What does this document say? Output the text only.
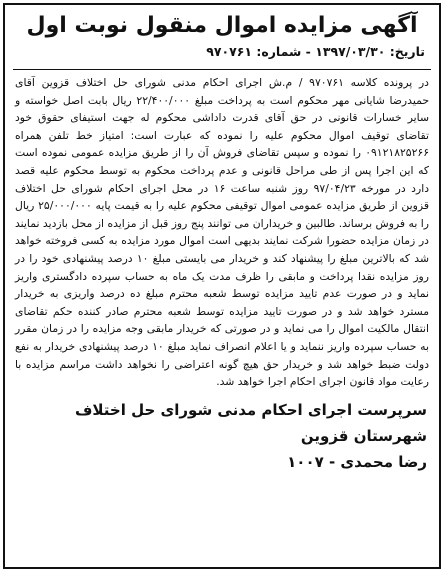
آگهی مزایده اموال منقول نوبت اول
تاریخ: ۱۳۹۷/۰۳/۳۰ - شماره: ۹۷۰۷۶۱

در پرونده کلاسه ۹۷۰۷۶۱ / م.ش اجرای احکام مدنی شورای حل اختلاف قزوین آقای حمیدرضا شایانی مهر محکوم است به پرداخت مبلغ ۲۲/۴۰۰/۰۰۰ ریال بابت اصل خواسته و سایر خسارات قانونی در حق آقای قدرت داداشی محکوم له جهت استیفای حقوق خود تقاضای توقیف اموال محکوم علیه را نموده که عبارت است: امتیاز خط تلفن همراه ۰۹۱۲۱۸۲۵۲۶۶ را نموده و سپس تقاضای فروش آن را از طریق مزایده عمومی نموده است که این اجرا پس از طی مراحل قانونی و عدم پرداخت محکوم به توسط محکوم علیه قصد دارد در مورخه ۹۷/۰۴/۲۳ روز شنبه ساعت ۱۶ در محل اجرای احکام شورای حل اختلاف قزوین از طریق مزایده عمومی اموال توقیفی محکوم علیه را به قیمت پایه ۲۵/۰۰۰/۰۰۰ ریال را به فروش برساند. طالبین و خریداران می توانند پنج روز قبل از مزایده از محل بازدید نمایند در زمان مزایده حضورا شرکت نمایند بدیهی است اموال مورد مزایده به کسی فروخته خواهد شد که بالاترین مبلغ را پیشنهاد کند و خریدار می بایستی مبلغ ۱۰ درصد پیشنهادی خود را در روز مزایده نقدا پرداخت و مابقی را ظرف مدت یک ماه به حساب سپرده دادگستری واریز نماید و در صورت عدم تایید مزایده توسط شعبه محترم مبلغ ده درصد واریزی به خریدار مسترد خواهد شد و در صورت تایید مزایده توسط شعبه محترم صادر کننده حکم تقاضای انتقال مالکیت اموال را می نماید و در صورتی که خریدار مابقی وجه مزایده را در زمان مقرر به حساب سپرده واریز ننماید و یا اعلام انصراف نماید مبلغ ۱۰ درصد پیشنهادی خریدار به نفع دولت ضبط خواهد شد و خریدار حق هیچ گونه اعتراضی را نخواهد داشت مراسم مزایده با رعایت مواد قانون اجرای احکام اجرا خواهد شد.

سرپرست اجرای احکام مدنی شورای حل اختلاف شهرستان قزوین
رضا محمدی - ۱۰۰۷
